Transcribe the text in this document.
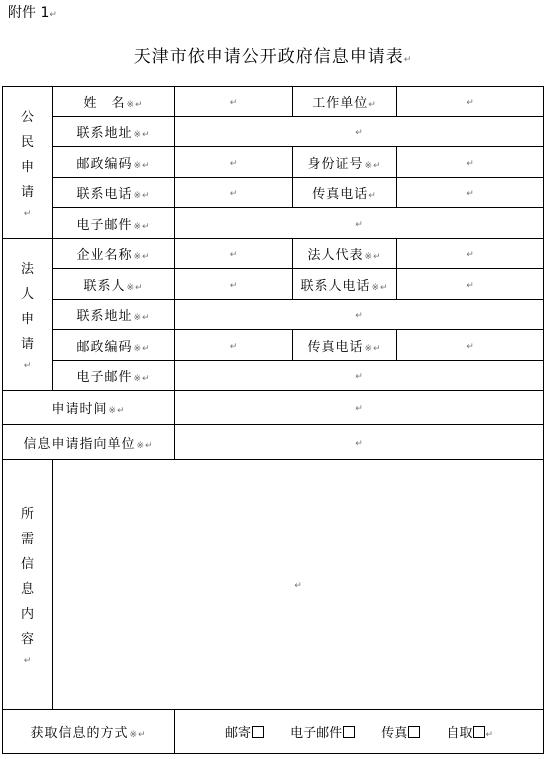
附件 1↵
天津市依申请公开政府信息申请表↵
公民申请
↵	姓　名※↵	↵	工作单位↵	↵
	联系地址※↵	↵		
	邮政编码※↵	↵	身份证号※↵	↵
	联系电话※↵	↵	传真电话↵	↵
	电子邮件※↵	↵		
法人申请
↵	企业名称※↵	↵	法人代表※↵	↵
	联系人※↵	↵	联系人电话※↵	↵
	联系地址※↵	↵		
	邮政编码※↵	↵	传真电话※↵	↵
	电子邮件※↵	↵		
申请时间※↵		↵		
信息申请指向单位※↵		↵		
所需信息内容
↵	↵			
获取信息的方式※↵		邮寄 电子邮件 传真 自取 ↵		
